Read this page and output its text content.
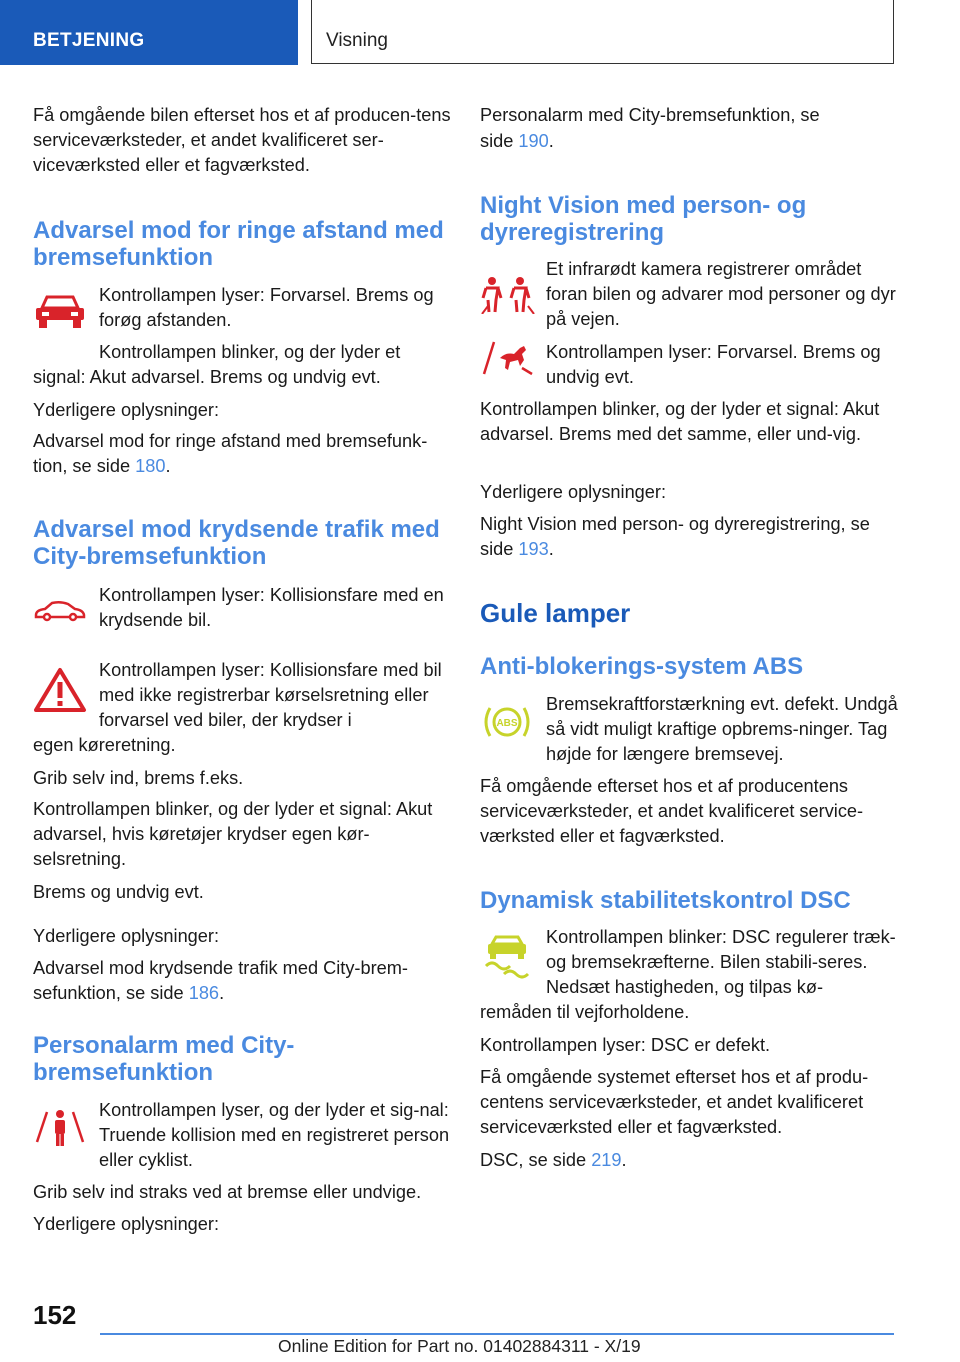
BETJENING	Visning

Få omgående bilen efterset hos et af producen-tens serviceværksteder, et andet kvalificeret ser-viceværksted eller et fagværksted.

Advarsel mod for ringe afstand med bremsefunktion

Kontrollampen lyser: Forvarsel. Brems og forøg afstanden.

Kontrollampen blinker, og der lyder et

signal: Akut advarsel. Brems og undvig evt.

Yderligere oplysninger:

Advarsel mod for ringe afstand med bremsefunk-tion, se side 180.

Advarsel mod krydsende trafik med City-bremsefunktion

Kontrollampen lyser: Kollisionsfare med en krydsende bil.

Kontrollampen lyser: Kollisionsfare med bil med ikke registrerbar kørselsretning eller forvarsel ved biler, der krydser i

egen køreretning.

Grib selv ind, brems f.eks.

Kontrollampen blinker, og der lyder et signal: Akut advarsel, hvis køretøjer krydser egen kør-selsretning.

Brems og undvig evt.

Yderligere oplysninger:

Advarsel mod krydsende trafik med City-brem-sefunktion, se side 186.

Personalarm med City-bremsefunktion

Kontrollampen lyser, og der lyder et sig-nal: Truende kollision med en registreret person eller cyklist.

Grib selv ind straks ved at bremse eller undvige.

Yderligere oplysninger:

Personalarm med City-bremsefunktion, se

side 190.

Night Vision med person- og dyreregistrering

Et infrarødt kamera registrerer området foran bilen og advarer mod personer og dyr på vejen.

Kontrollampen lyser: Forvarsel. Brems og undvig evt.

Kontrollampen blinker, og der lyder et signal: Akut advarsel. Brems med det samme, eller und-vig.

Yderligere oplysninger:

Night Vision med person- og dyreregistrering, se side 193.

Gule lamper
Anti-blokerings-system ABS
ABS

Bremsekraftforstærkning evt. defekt. Undgå så vidt muligt kraftige opbrems-ninger. Tag højde for længere bremsevej.

Få omgående efterset hos et af producentens serviceværksteder, et andet kvalificeret service-værksted eller et fagværksted.

Dynamisk stabilitetskontrol DSC

Kontrollampen blinker: DSC regulerer træk- og bremsekræfterne. Bilen stabili-seres. Nedsæt hastigheden, og tilpas kø-

remåden til vejforholdene.

Kontrollampen lyser: DSC er defekt.

Få omgående systemet efterset hos et af produ-centens serviceværksteder, et andet kvalificeret serviceværksted eller et fagværksted.

DSC, se side 219.

152
Online Edition for Part no. 01402884311 - X/19
